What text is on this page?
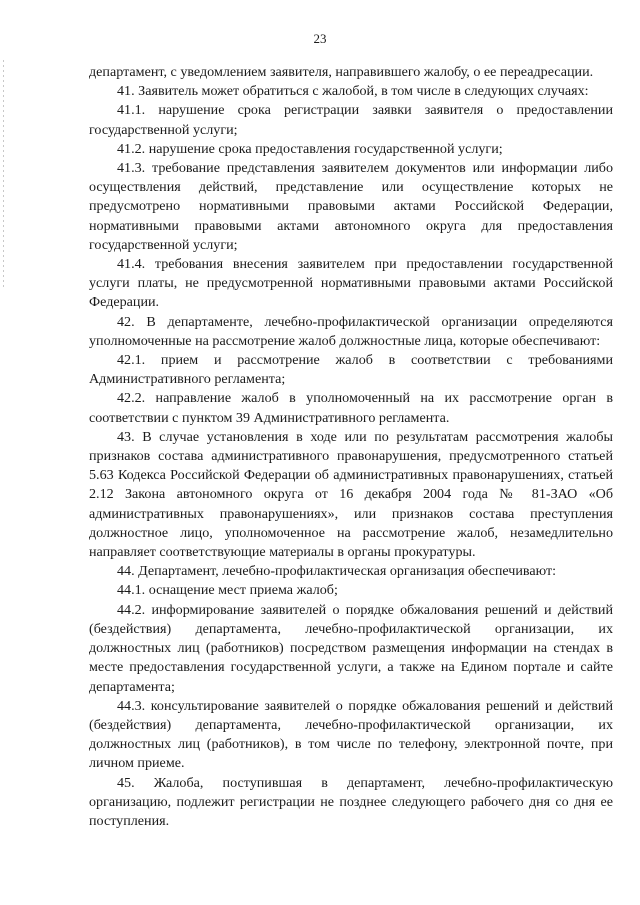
23

департамент, с уведомлением заявителя, направившего жалобу, о ее переадресации.

41. Заявитель может обратиться с жалобой, в том числе в следующих случаях:

41.1. нарушение срока регистрации заявки заявителя о предоставлении государственной услуги;

41.2. нарушение срока предоставления государственной услуги;

41.3. требование представления заявителем документов или информации либо осуществления действий, представление или осуществление которых не предусмотрено нормативными правовыми актами Российской Федерации, нормативными правовыми актами автономного округа для предоставления государственной услуги;

41.4. требования внесения заявителем при предоставлении государственной услуги платы, не предусмотренной нормативными правовыми актами Российской Федерации.

42. В департаменте, лечебно-профилактической организации определяются уполномоченные на рассмотрение жалоб должностные лица, которые обеспечивают:

42.1. прием и рассмотрение жалоб в соответствии с требованиями Административного регламента;

42.2. направление жалоб в уполномоченный на их рассмотрение орган в соответствии с пунктом 39 Административного регламента.

43. В случае установления в ходе или по результатам рассмотрения жалобы признаков состава административного правонарушения, предусмотренного статьей 5.63 Кодекса Российской Федерации об административных правонарушениях, статьей 2.12 Закона автономного округа от 16 декабря 2004 года № 81-ЗАО «Об административных правонарушениях», или признаков состава преступления должностное лицо, уполномоченное на рассмотрение жалоб, незамедлительно направляет соответствующие материалы в органы прокуратуры.

44. Департамент, лечебно-профилактическая организация обеспечивают:

44.1. оснащение мест приема жалоб;

44.2. информирование заявителей о порядке обжалования решений и действий (бездействия) департамента, лечебно-профилактической организации, их должностных лиц (работников) посредством размещения информации на стендах в месте предоставления государственной услуги, а также на Едином портале и сайте департамента;

44.3. консультирование заявителей о порядке обжалования решений и действий (бездействия) департамента, лечебно-профилактической организации, их должностных лиц (работников), в том числе по телефону, электронной почте, при личном приеме.

45. Жалоба, поступившая в департамент, лечебно-профилактическую организацию, подлежит регистрации не позднее следующего рабочего дня со дня ее поступления.
